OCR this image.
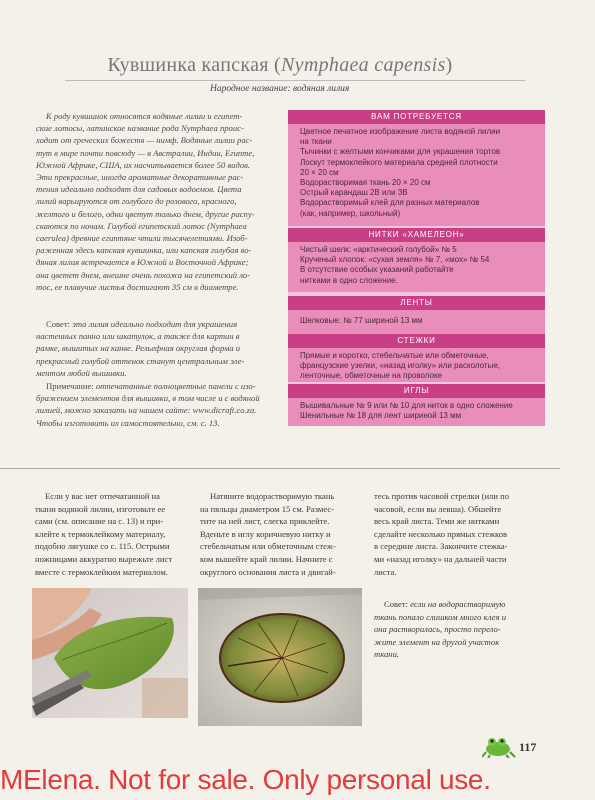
Кувшинка капская (Nymphaea capensis)
Народное название: водяная лилия
К роду кувшинок относятся водяные лилии и египет-
ские лотосы, латинское название рода Nymphaea проис-
ходит от греческих божеств — нимф. Водяные лилии рас-
тут в мире почти повсюду — в Австралии, Индии, Египте,
Южной Африке, США, их насчитывается более 50 видов.
Эти прекрасные, иногда ароматные декоративные рас-
тения идеально подходят для садовых водоемов. Цвета
лилий варьируются от голубого до розового, красного,
желтого и белого, одни цветут только днем, другие распу-
скаются по ночам. Голубой египетский лотос (Nymphaea
caerulea) древние египтяне чтили тысячелетиями. Изоб-
раженная здесь капская кувшинка, или капская голубая во-
дяная лилия встречается в Южной и Восточной Африке;
она цветет днем, внешне очень похожа на египетский ло-
тос, ее плавучие листья достигают 35 см в диаметре.
Совет: эта лилия идеально подходит для украшения
настенных панно или шкатулок, а также для картин в
рамке, вышитых на канве. Рельефная округлая форма и
прекрасный голубой оттенок станут центральным эле-
ментом любой вышивки.
Примечание: отпечатанные полноцветные панели с изо-
бражением элементов для вышивки, в том числе и с водяной
лилией, можно заказать на нашем сайте: www.dicraft.co.za.
Чтобы изготовить их самостоятельно, см. с. 13.
ВАМ ПОТРЕБУЕТСЯ
Цветное печатное изображение листа водяной лилии
на ткани
Тычинки с желтыми кончиками для украшения тортов
Лоскут термоклейкого материала средней плотности
20 × 20 см
Водорастворимая ткань 20 × 20 см
Острый карандаш 2В или 3В
Водорастворимый клей для разных материалов
(как, например, школьный)
НИТКИ «ХАМЕЛЕОН»
Чистый шелк: «арктический голубой» № 5
Крученый хлопок: «сухая земля» № 7, «мох» № 54
В отсутствие особых указаний работайте
нитками в одно сложение.
ЛЕНТЫ
Шелковые: № 77 шириной 13 мм
СТЕЖКИ
Прямые и коротко, стебельчатые или обметочные,
французские узелки, «назад иголку» или расколотые,
ленточные, обметочные на проволоке
ИГЛЫ
Вышивальные № 9 или № 10 для ниток в одно сложение
Шенильные № 18 для лент шириной 13 мм
Если у вас нет отпечатанной на
ткани водяной лилии, изготовьте ее
сами (см. описание на с. 13) и при-
клейте к термоклейкому материалу,
подобно лягушке со с. 115. Острыми
ножницами аккуратно вырежьте лист
вместе с термоклейким материалом.
Натяните водорастворимую ткань
на пяльцы диаметром 15 см. Размес-
тите на ней лист, слегка приклейте.
Вденьте в иглу коричневую нитку и
стебельчатым или обметочным стеж-
ком вышейте край лилии. Начните с
округлого основания листа и двигай-
тесь против часовой стрелки (или по
часовой, если вы левша). Обшейте
весь край листа. Теми же нитками
сделайте несколько прямых стежков
в середине листа. Закончите стежка-
ми «назад иголку» на дальней части
листа.
Совет: если на водорастворимую
ткань попало слишком много клея и
она растворилась, просто перело-
жите элемент на другой участок
ткани.
117
MElena. Not for sale. Only personal use.
